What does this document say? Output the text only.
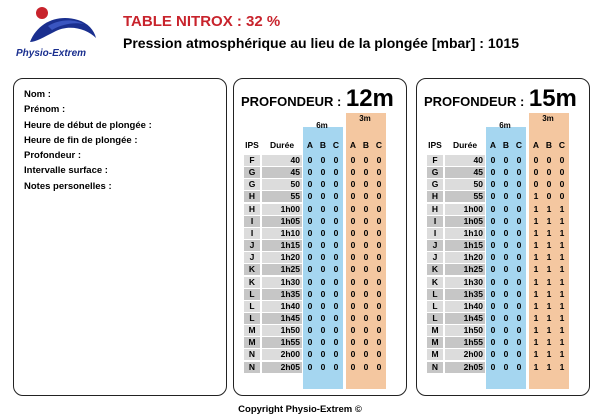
Physio-Extrem
TABLE NITROX : 32 %
Pression atmosphérique au lieu de la plongée [mbar] : 1015
Nom :
Prénom :
Heure de début de plongée :
Heure de fin de plongée :
Profondeur :
Intervalle surface :
Notes personelles :
PROFONDEUR : 12m
6m
3m
IPS	Durée	A B C	A B C
F	40 0 0 0	0 0 0
G	45 0 0 0	0 0 0
G	50 0 0 0	0 0 0
H	55 0 0 0	0 0 0
H	1h00 0 0 0	0 0 0
I	1h05 0 0 0	0 0 0
I	1h10 0 0 0	0 0 0
J	1h15 0 0 0	0 0 0
J	1h20 0 0 0	0 0 0
K	1h25 0 0 0	0 0 0
K	1h30 0 0 0	0 0 0
L	1h35 0 0 0	0 0 0
L	1h40 0 0 0	0 0 0
L	1h45 0 0 0	0 0 0
M	1h50 0 0 0	0 0 0
M	1h55 0 0 0	0 0 0
N	2h00 0 0 0	0 0 0
N	2h05 0 0 0	0 0 0
PROFONDEUR : 15m
6m
3m
IPS	Durée	A B C	A B C
F	40 0 0 0	0 0 0
G	45 0 0 0	0 0 0
G	50 0 0 0	0 0 0
H	55 0 0 0	1 0 0
H	1h00 0 0 0	1 1 1
I	1h05 0 0 0	1 1 1
I	1h10 0 0 0	1 1 1
J	1h15 0 0 0	1 1 1
J	1h20 0 0 0	1 1 1
K	1h25 0 0 0	1 1 1
K	1h30 0 0 0	1 1 1
L	1h35 0 0 0	1 1 1
L	1h40 0 0 0	1 1 1
L	1h45 0 0 0	1 1 1
M	1h50 0 0 0	1 1 1
M	1h55 0 0 0	1 1 1
M	2h00 0 0 0	1 1 1
N	2h05 0 0 0	1 1 1
Copyright Physio-Extrem ©
